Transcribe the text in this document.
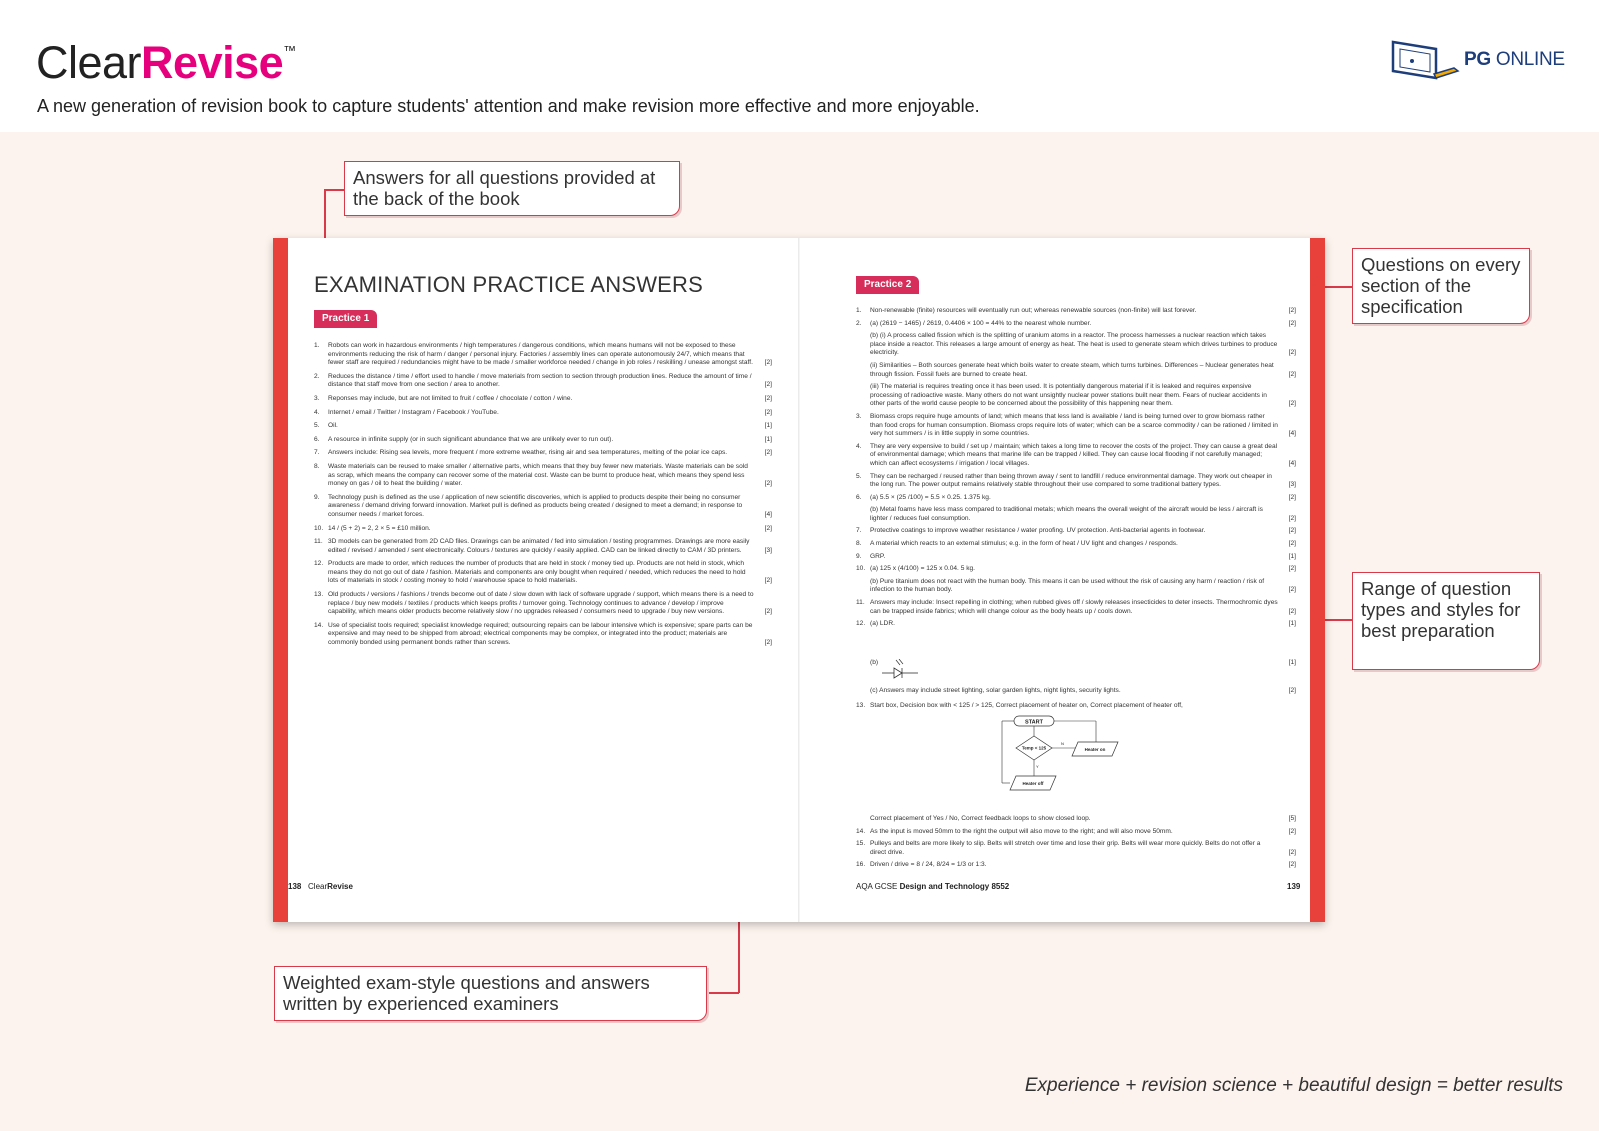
ClearRevise™
A new generation of revision book to capture students' attention and make revision more effective and more enjoyable.
PG ONLINE
EXAMINATION PRACTICE ANSWERS
Practice 1
1. Robots can work in hazardous environments / high temperatures / dangerous conditions, which means humans will not be exposed to these environments reducing the risk of harm / danger / personal injury. Factories / assembly lines can operate autonomously 24/7, which means that fewer staff are required / redundancies might have to be made / smaller workforce needed / change in job roles / reskilling / unease amongst staff. [2]
2. Reduces the distance / time / effort used to handle / move materials from section to section through production lines. Reduce the amount of time / distance that staff move from one section / area to another.	[2]
3. Reponses may include, but are not limited to fruit / coffee / chocolate / cotton / wine.	[2]
4. Internet / email / Twitter / Instagram / Facebook / YouTube.	[2]
5. Oil.	[1]
6. A resource in infinite supply (or in such significant abundance that we are unlikely ever to run out).	[1]
7. Answers include: Rising sea levels, more frequent / more extreme weather, rising air and sea temperatures, melting of the polar ice caps.	[2]
8. Waste materials can be reused to make smaller / alternative parts, which means that they buy fewer new materials. Waste materials can be sold as scrap, which means the company can recover some of the material cost. Waste can be burnt to produce heat, which means they spend less money on gas / oil to heat the building / water.	[2]
9. Technology push is defined as the use / application of new scientific discoveries, which is applied to products despite their being no consumer awareness / demand driving forward innovation. Market pull is defined as products being created / designed to meet a demand; in response to consumer needs / market forces.	[4]
10. 14 / (5 + 2) = 2, 2 × 5 = £10 million.	[2]
11. 3D models can be generated from 2D CAD files. Drawings can be animated / fed into simulation / testing programmes. Drawings are more easily edited / revised / amended / sent electronically. Colours / textures are quickly / easily applied. CAD can be linked directly to CAM / 3D printers.	[3]
12. Products are made to order, which reduces the number of products that are held in stock / money tied up. Products are not held in stock, which means they do not go out of date / fashion. Materials and components are only bought when required / needed, which reduces the need to hold lots of materials in stock / costing money to hold / warehouse space to hold materials.	[2]
13. Old products / versions / fashions / trends become out of date / slow down with lack of software upgrade / support, which means there is a need to replace / buy new models / textiles / products which keeps profits / turnover going. Technology continues to advance / develop / improve capability, which means older products become relatively slow / no upgrades released / consumers need to upgrade / buy new versions.	[2]
14. Use of specialist tools required; specialist knowledge required; outsourcing repairs can be labour intensive which is expensive; spare parts can be expensive and may need to be shipped from abroad; electrical components may be complex, or integrated into the product; materials are commonly bonded using permanent bonds rather than screws.	[2]
138 ClearRevise
Practice 2
1. Non-renewable (finite) resources will eventually run out; whereas renewable sources (non-finite) will last forever.	[2]
2. (a) (2619 − 1465) / 2619, 0.4406 × 100 = 44% to the nearest whole number.	[2]
(b) (i) A process called fission which is the splitting of uranium atoms in a reactor. The process harnesses a nuclear reaction which takes place inside a reactor. This releases a large amount of energy as heat. The heat is used to generate steam which drives turbines to produce electricity.	[2]
(ii) Similarities – Both sources generate heat which boils water to create steam, which turns turbines. Differences – Nuclear generates heat through fission. Fossil fuels are burned to create heat.	[2]
(iii) The material is requires treating once it has been used. It is potentially dangerous material if it is leaked and requires expensive processing of radioactive waste. Many others do not want unsightly nuclear power stations built near them. Fears of nuclear accidents in other parts of the world cause people to be concerned about the possibility of this happening near them.	[2]
3. Biomass crops require huge amounts of land; which means that less land is available / land is being turned over to grow biomass rather than food crops for human consumption. Biomass crops require lots of water; which can be a scarce commodity / can be rationed / limited in very hot summers / is in little supply in some countries.	[4]
4. They are very expensive to build / set up / maintain; which takes a long time to recover the costs of the project. They can cause a great deal of environmental damage; which means that marine life can be trapped / killed. They can cause local flooding if not carefully managed; which can affect ecosystems / irrigation / local villages.	[4]
5. They can be recharged / reused rather than being thrown away / sent to landfill / reduce environmental damage. They work out cheaper in the long run. The power output remains relatively stable throughout their use compared to some traditional battery types.	[3]
6. (a) 5.5 × (25 /100) = 5.5 × 0.25. 1.375 kg.	[2]
(b) Metal foams have less mass compared to traditional metals; which means the overall weight of the aircraft would be less / aircraft is lighter / reduces fuel consumption.	[2]
7. Protective coatings to improve weather resistance / water proofing. UV protection. Anti-bacterial agents in footwear.	[2]
8. A material which reacts to an external stimulus; e.g. in the form of heat / UV light and changes / responds.	[2]
9. GRP.	[1]
10. (a) 125 x (4/100) = 125 x 0.04. 5 kg.	[2]
(b) Pure titanium does not react with the human body. This means it can be used without the risk of causing any harm / reaction / risk of infection to the human body.	[2]
11. Answers may include: Insect repelling in clothing; when rubbed gives off / slowly releases insecticides to deter insects. Thermochromic dyes can be trapped inside fabrics; which will change colour as the body heats up / cools down.	[2]
12. (a) LDR.	[1]
(b)	[1]
(c) Answers may include street lighting, solar garden lights, night lights, security lights.	[2]
13. Start box, Decision box with < 125 / > 125, Correct placement of heater on, Correct placement of heater off,
START
Temp < 125
N
Heater on
Y
Heater off
Correct placement of Yes / No, Correct feedback loops to show closed loop.	[5]
14. As the input is moved 50mm to the right the output will also move to the right; and will also move 50mm.	[2]
15. Pulleys and belts are more likely to slip. Belts will stretch over time and lose their grip. Belts will wear more quickly. Belts do not offer a direct drive.	[2]
16. Driven / drive = 8 / 24, 8/24 = 1/3 or 1:3.	[2]
AQA GCSE Design and Technology 8552	139
Answers for all questions provided at the back of the book
Questions on every section of the specification
Range of question types and styles for best preparation
Weighted exam-style questions and answers written by experienced examiners
Experience + revision science + beautiful design = better results
